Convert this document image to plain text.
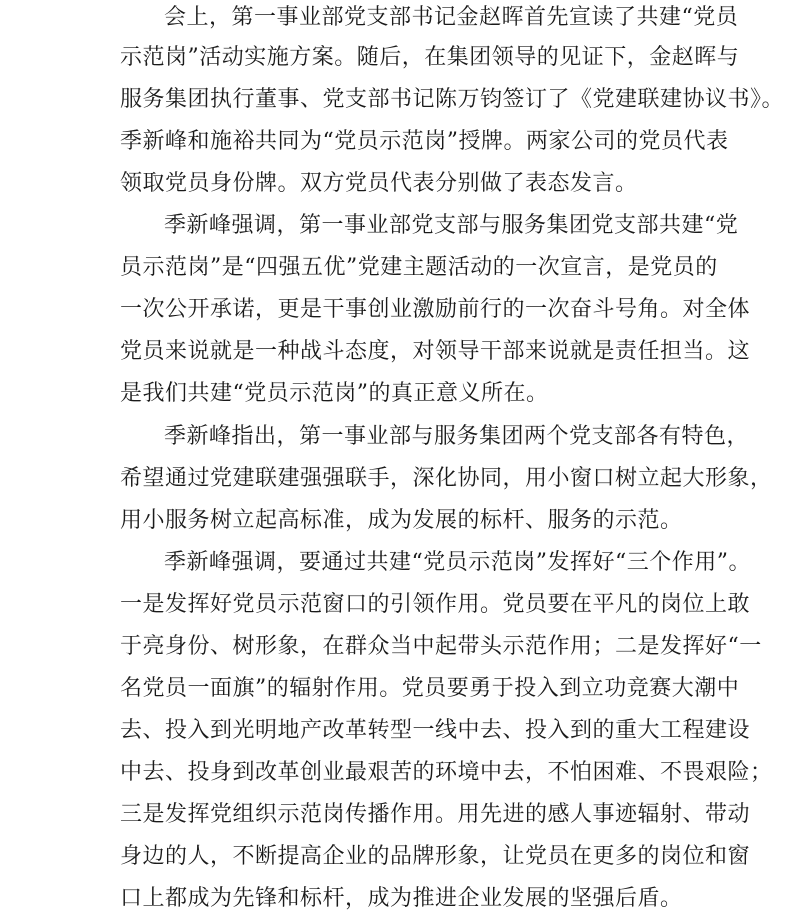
会上，第一事业部党支部书记金赵晖首先宣读了共建“党员
示范岗”活动实施方案。随后，在集团领导的见证下，金赵晖与
服务集团执行董事、党支部书记陈万钧签订了《党建联建协议书》。
季新峰和施裕共同为“党员示范岗”授牌。两家公司的党员代表
领取党员身份牌。双方党员代表分别做了表态发言。
季新峰强调，第一事业部党支部与服务集团党支部共建“党
员示范岗”是“四强五优”党建主题活动的一次宣言，是党员的
一次公开承诺，更是干事创业激励前行的一次奋斗号角。对全体
党员来说就是一种战斗态度，对领导干部来说就是责任担当。这
是我们共建“党员示范岗”的真正意义所在。
季新峰指出，第一事业部与服务集团两个党支部各有特色，
希望通过党建联建强强联手，深化协同，用小窗口树立起大形象，
用小服务树立起高标准，成为发展的标杆、服务的示范。
季新峰强调，要通过共建“党员示范岗”发挥好“三个作用”。
一是发挥好党员示范窗口的引领作用。党员要在平凡的岗位上敢
于亮身份、树形象，在群众当中起带头示范作用；二是发挥好“一
名党员一面旗”的辐射作用。党员要勇于投入到立功竞赛大潮中
去、投入到光明地产改革转型一线中去、投入到的重大工程建设
中去、投身到改革创业最艰苦的环境中去，不怕困难、不畏艰险；
三是发挥党组织示范岗传播作用。用先进的感人事迹辐射、带动
身边的人，不断提高企业的品牌形象，让党员在更多的岗位和窗
口上都成为先锋和标杆，成为推进企业发展的坚强后盾。
